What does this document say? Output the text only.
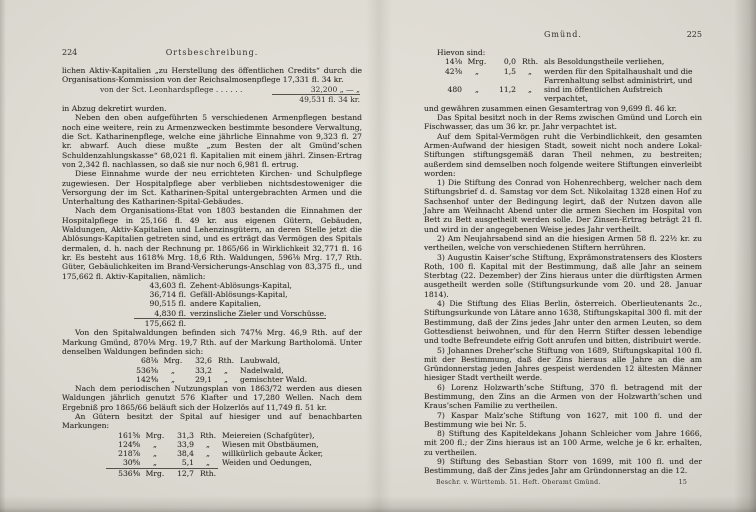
224	Ortsbeschreibung.

lichen Aktiv-Kapitalien „zu Herstellung des öffentlichen Credits“ durch die Organisations-Kommission von der Reichsalmosenpflege 17,331 fl. 34 kr.

von der Sct. Leonhardspflege . . . . . .	32,200 „ — „
49,531 fl. 34 kr.

in Abzug dekretirt wurden.

Neben den oben aufgeführten 5 verschiedenen Armenpflegen bestand noch eine weitere, rein zu Armenzwecken bestimmte besondere Verwaltung, die Sct. Katharinenpflege, welche eine jährliche Einnahme von 9,323 fl. 27 kr. abwarf. Auch diese mußte „zum Besten der alt Gmünd’schen Schuldenzahlungskasse“ 68,021 fl. Kapitalien mit einem jährl. Zinsen-Ertrag von 2,342 fl. nachlassen, so daß sie nur noch 6,981 fl. ertrug.

Diese Einnahme wurde der neu errichteten Kirchen- und Schulpflege zugewiesen. Der Hospitalpflege aber verblieben nichtsdestoweniger die Versorgung der im Sct. Katharinen-Spital untergebrachten Armen und die Unterhaltung des Katharinen-Spital-Gebäudes.

Nach dem Organisations-Etat von 1803 bestanden die Einnahmen der Hospitalpflege in 25,166 fl. 49 kr. aus eigenen Gütern, Gebäuden, Waldungen, Aktiv-Kapitalien und Lehenzinsgütern, an deren Stelle jetzt die Ablösungs-Kapitalien getreten sind, und es erträgt das Vermögen des Spitals dermalen, d. h. nach der Rechnung pr. 1865/66 in Wirklichkeit 32,771 fl. 16 kr. Es besteht aus 1618⁴⁄₈ Mrg. 18,6 Rth. Waldungen, 596¹⁄₈ Mrg. 17,7 Rth. Güter, Gebäulichkeiten im Brand-Versicherungs-Anschlag von 83,375 fl., und 175,662 fl. Aktiv-Kapitalien, nämlich:

43,603 fl.	Zehent-Ablösungs-Kapital,
36,714 fl.	Gefäll-Ablösungs-Kapital,
90,515 fl.	andere Kapitalien,
4,830 fl.	verzinsliche Zieler und Vorschüsse.
175,662 fl.	

Von den Spitalwaldungen befinden sich 747⁴⁄₈ Mrg. 46,9 Rth. auf der Markung Gmünd, 870¹⁄₈ Mrg. 19,7 Rth. auf der Markung Bartholomä. Unter denselben Waldungen befinden sich:

68¹⁄₈	Mrg.	32,6	Rth.	Laubwald,
536³⁄₈	„	33,2	„	Nadelwald,
142⁴⁄₈	„	29,1	„	gemischter Wald.

Nach dem periodischen Nutzungsplan von 1863/72 werden aus diesen Waldungen jährlich genutzt 576 Klafter und 17,280 Wellen. Nach dem Ergebniß pro 1865/66 beläuft sich der Holzerlös auf 11,749 fl. 51 kr.

An Gütern besitzt der Spital auf hiesiger und auf benachbarten Markungen:

161⁵⁄₈	Mrg.	31,3	Rth.	Meiereien (Schafgüter),
124⁶⁄₈	„	33,9	„	Wiesen mit Obstbäumen,
218⁷⁄₈	„	38,4	„	willkürlich gebaute Äcker,
30⁶⁄₈	„	5,1	„	Weiden und Oedungen,
536⁴⁄₈	Mrg.	12,7	Rth.	
Gmünd.	225

Hievon sind:

14¹⁄₈	Mrg.	0,0	Rth.	als Besoldungstheile verliehen,
42³⁄₈	„	1,5	„	werden für den Spitalhaushalt und die Farrenhaltung selbst administrirt, und
480	„	11,2	„	sind im öffentlichen Aufstreich verpachtet,

und gewähren zusammen einen Gesamtertrag von 9,699 fl. 46 kr.

Das Spital besitzt noch in der Rems zwischen Gmünd und Lorch ein Fischwasser, das um 36 kr. pr. Jahr verpachtet ist.

Auf dem Spital-Vermögen ruht die Verbindlichkeit, den gesamten Armen-Aufwand der hiesigen Stadt, soweit nicht noch andere Lokal-Stiftungen stiftungsgemäß daran Theil nehmen, zu bestreiten; außerdem sind demselben noch folgende weitere Stiftungen einverleibt worden:

1) Die Stiftung des Conrad von Hohenrechberg, welcher nach dem Stiftungsbrief d. d. Samstag vor dem Sct. Nikolaitag 1328 einen Hof zu Sachsenhof unter der Bedingung legirt, daß der Nutzen davon alle Jahre am Weihnacht Abend unter die armen Siechen im Hospital von Bett zu Bett ausgetheilt werden solle. Der Zinsen-Ertrag beträgt 21 fl. und wird in der angegebenen Weise jedes Jahr vertheilt.

2) Am Neujahrsabend sind an die hiesigen Armen 58 fl. 22¹⁄₂ kr. zu vertheilen, welche von verschiedenen Stiftern herrühren.

3) Augustin Kaiser’sche Stiftung, Exprämonstratensers des Klosters Roth, 100 fl. Kapital mit der Bestimmung, daß alle Jahr an seinem Sterbtag (22. Dezember) der Zins hieraus unter die dürftigsten Armen ausgetheilt werden solle (Stiftungsurkunde vom 20. und 28. Januar 1814).

4) Die Stiftung des Elias Berlin, österreich. Oberlieutenants 2c., Stiftungsurkunde von Lätare anno 1638, Stiftungskapital 300 fl. mit der Bestimmung, daß der Zins jedes Jahr unter den armen Leuten, so dem Gottesdienst beiwohnen, und für den Herrn Stifter dessen lebendige und todte Befreundete eifrig Gott anrufen und bitten, distribuirt werde.

5) Johannes Dreher’sche Stiftung von 1689, Stiftungskapital 100 fl. mit der Bestimmung, daß der Zins hieraus alle Jahre an die am Gründonnerstag jeden Jahres gespeist werdenden 12 ältesten Männer hiesiger Stadt vertheilt werde.

6) Lorenz Holzwarth’sche Stiftung, 370 fl. betragend mit der Bestimmung, den Zins an die Armen von der Holzwarth’schen und Kraus’schen Familie zu vertheilen.

7) Kaspar Malz’sche Stiftung von 1627, mit 100 fl. und der Bestimmung wie bei Nr. 5.

8) Stiftung des Kapiteldekans Johann Schleicher vom Jahre 1666, mit 200 fl.; der Zins hieraus ist an 100 Arme, welche je 6 kr. erhalten, zu vertheilen.

9) Stiftung des Sebastian Storr von 1699, mit 100 fl. und der Bestimmung, daß der Zins jedes Jahr am Gründonnerstag an die 12.

Beschr. v. Württemb. 51. Heft. Oberamt Gmünd.	15
